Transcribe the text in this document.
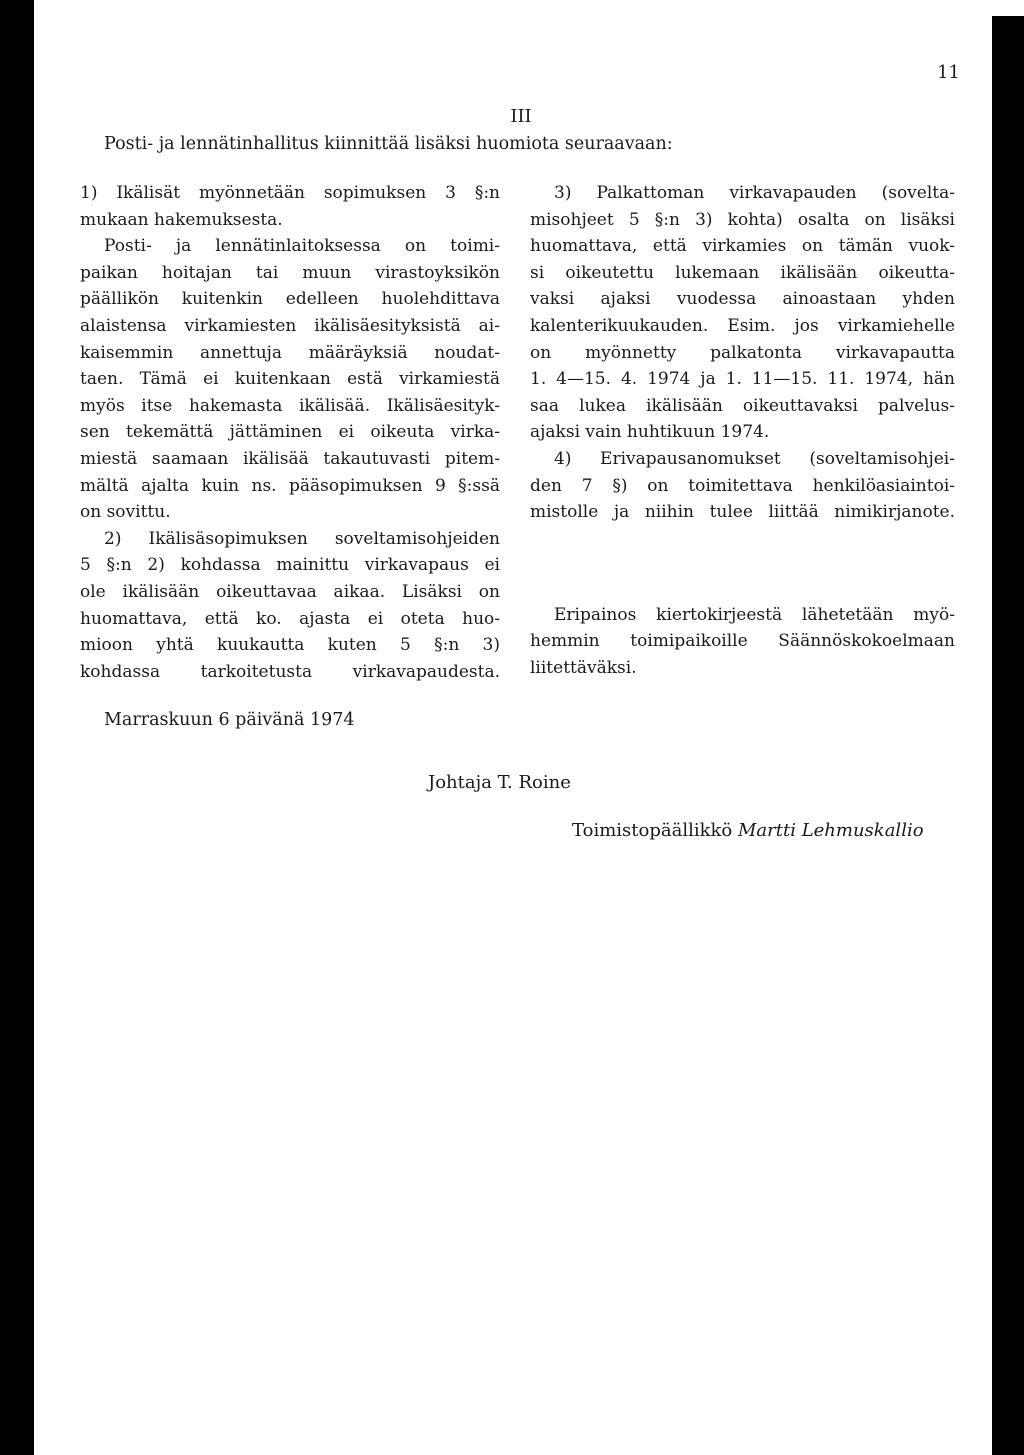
11
III
Posti- ja lennätinhallitus kiinnittää lisäksi huomiota seuraavaan:
1) Ikälisät myönnetään sopimuksen 3 §:n
mukaan hakemuksesta.
Posti- ja lennätinlaitoksessa on toimi-
paikan hoitajan tai muun virastoyksikön
päällikön kuitenkin edelleen huolehdittava
alaistensa virkamiesten ikälisäesityksistä ai-
kaisemmin annettuja määräyksiä noudat-
taen. Tämä ei kuitenkaan estä virkamiestä
myös itse hakemasta ikälisää. Ikälisäesityk-
sen tekemättä jättäminen ei oikeuta virka-
miestä saamaan ikälisää takautuvasti pitem-
mältä ajalta kuin ns. pääsopimuksen 9 §:ssä
on sovittu.
2) Ikälisäsopimuksen soveltamisohjeiden
5 §:n 2) kohdassa mainittu virkavapaus ei
ole ikälisään oikeuttavaa aikaa. Lisäksi on
huomattava, että ko. ajasta ei oteta huo-
mioon yhtä kuukautta kuten 5 §:n 3)
kohdassa tarkoitetusta virkavapaudesta.
3) Palkattoman virkavapauden (sovelta-
misohjeet 5 §:n 3) kohta) osalta on lisäksi
huomattava, että virkamies on tämän vuok-
si oikeutettu lukemaan ikälisään oikeutta-
vaksi ajaksi vuodessa ainoastaan yhden
kalenterikuukauden. Esim. jos virkamiehelle
on myönnetty palkatonta virkavapautta
1. 4—15. 4. 1974 ja 1. 11—15. 11. 1974, hän
saa lukea ikälisään oikeuttavaksi palvelus-
ajaksi vain huhtikuun 1974.
4) Erivapausanomukset (soveltamisohjei-
den 7 §) on toimitettava henkilöasiaintoi-
mistolle ja niihin tulee liittää nimikirjanote.
Eripainos kiertokirjeestä lähetetään myö-
hemmin toimipaikoille Säännöskokoelmaan
liitettäväksi.
Marraskuun 6 päivänä 1974
Johtaja T. Roine
Toimistopäällikkö Martti Lehmuskallio
